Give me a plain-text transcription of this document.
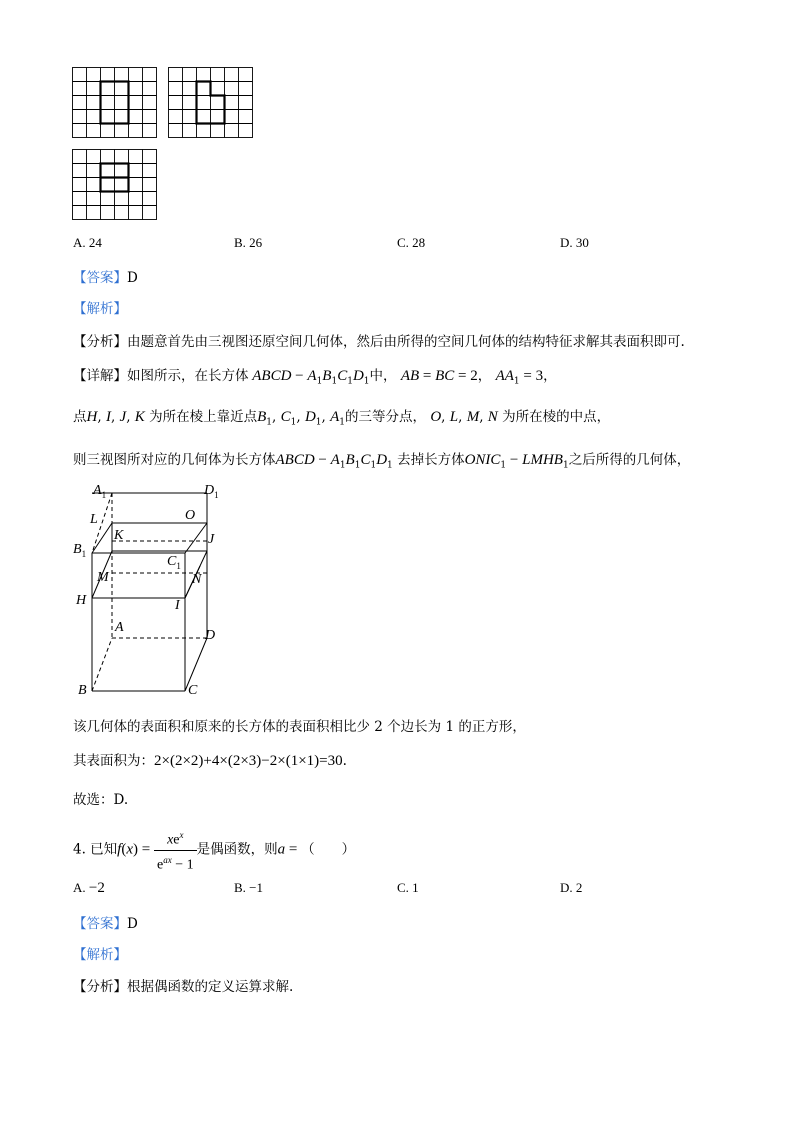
A. 24	B. 26	C. 28	D. 30
【答案】D
【解析】
【分析】由题意首先由三视图还原空间几何体，然后由所得的空间几何体的结构特征求解其表面积即可.
【详解】如图所示，在长方体 ABCD − $A_1B_1C_1D_1$中， AB = BC = 2， $AA_1 = 3$，
点H, I, J, K 为所在棱上靠近点$B_1$, $C_1$, $D_1$, $A_1$的三等分点， O, L, M, N 为所在棱的中点，
则三视图所对应的几何体为长方体ABCD − $A_1B_1C_1D_1$ 去掉长方体$ONIC_1$ − $LMHB_1$之后所得的几何体，
$A_1$	$D_1$
L	O
K
$B_1$
J
$C_1$
M	N
H	I
A
D
B	C
该几何体的表面积和原来的长方体的表面积相比少 2 个边长为 1 的正方形，
其表面积为：2×(2×2)+4×(2×3)−2×(1×1)=30.
故选：D.
4. 已知$f(x) = \frac{xe^x}{e^{ax} - 1}$ 是偶函数，则a = （　　）
A. −2	B. −1	C. 1	D. 2
【答案】D
【解析】
【分析】根据偶函数的定义运算求解.
